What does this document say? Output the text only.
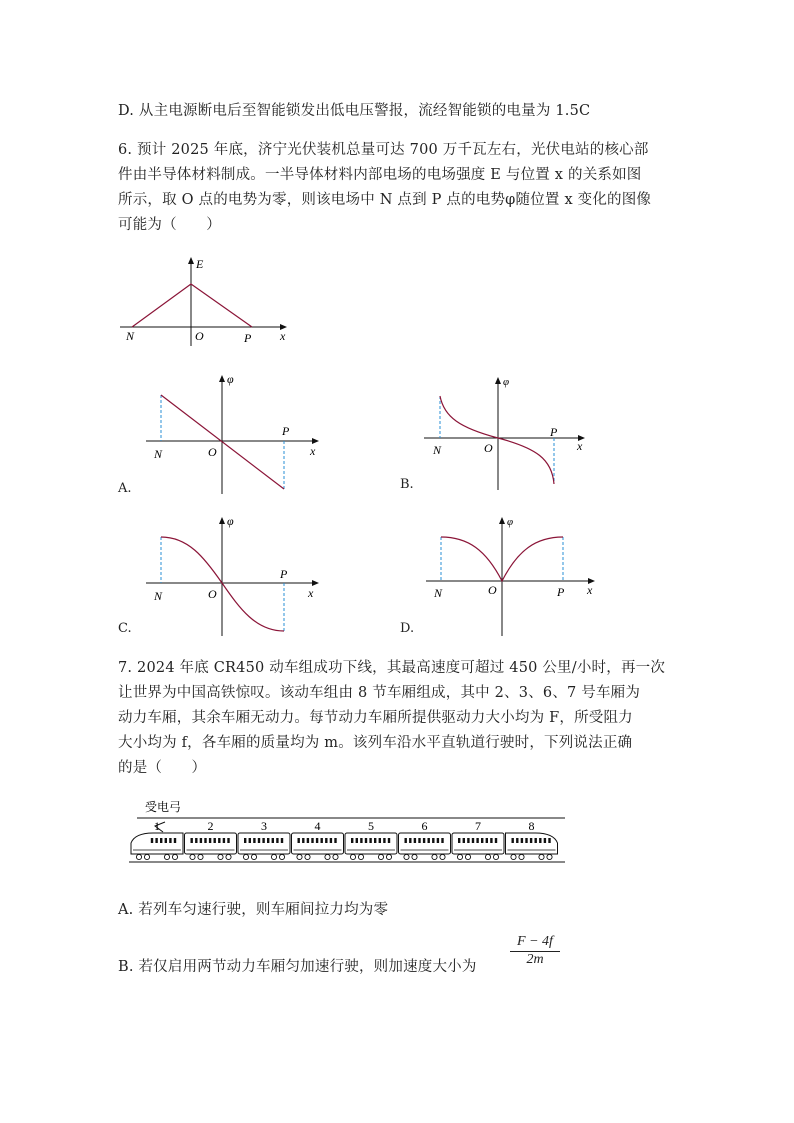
D. 从主电源断电后至智能锁发出低电压警报，流经智能锁的电量为 1.5C
6. 预计 2025 年底，济宁光伏装机总量可达 700 万千瓦左右，光伏电站的核心部
件由半导体材料制成。一半导体材料内部电场的电场强度 E 与位置 x 的关系如图
所示，取 O 点的电势为零，则该电场中 N 点到 P 点的电势φ随位置 x 变化的图像
可能为（　　）
E
N	O	P x
φ
N	O
P
x
A.
φ
N	O
P
x
B.
φ
N	O
P
x
C.
φ
N	O	P x
D.
7. 2024 年底 CR450 动车组成功下线，其最高速度可超过 450 公里/小时，再一次
让世界为中国高铁惊叹。该动车组由 8 节车厢组成，其中 2、3、6、7 号车厢为
动力车厢，其余车厢无动力。每节动力车厢所提供驱动力大小均为 F，所受阻力
大小均为 f，各车厢的质量均为 m。该列车沿水平直轨道行驶时，下列说法正确
的是（　　）
受电弓
1	2	3	4	5	6	7	8
A. 若列车匀速行驶，则车厢间拉力均为零
B. 若仅启用两节动力车厢匀加速行驶，则加速度大小为 $\frac{F - 4f}{2m}$
